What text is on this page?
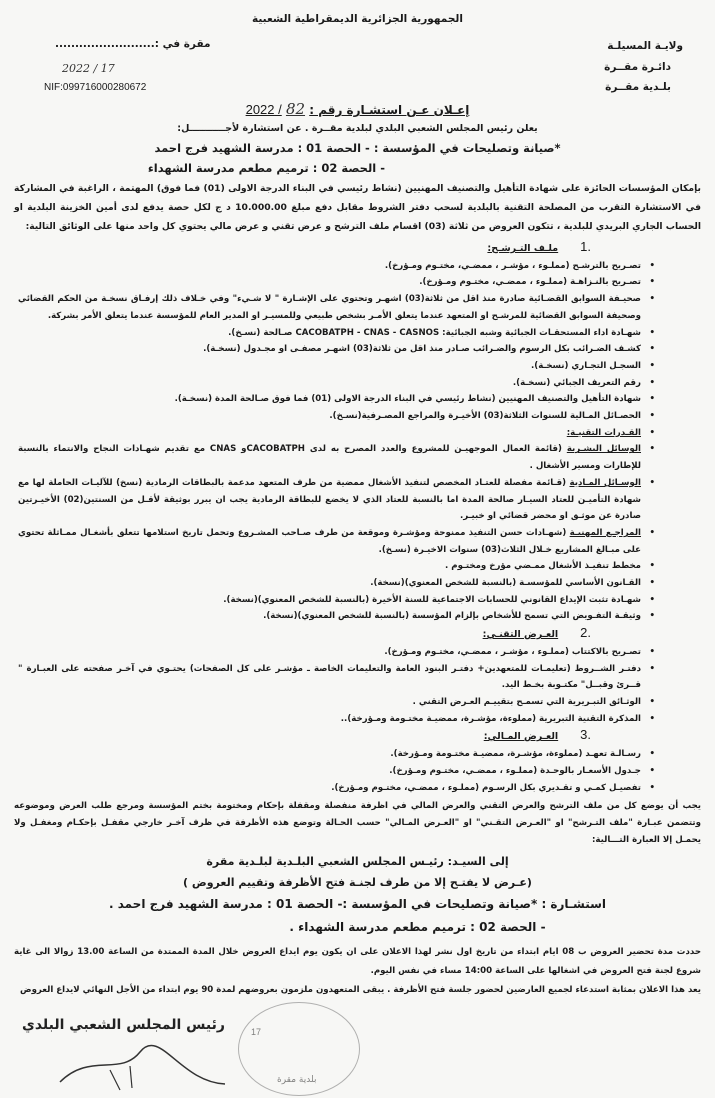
الجمهورية الجزائرية الديمقراطية الشعبية
ولايـة المسيلـة
دائـرة مقــرة
بلـدية مقــرة
مقرة في :.........................
2022 / 17
NIF:099716000280672
إعـلان عـن استشـارة رقم : 82 / 2022
يعلن رئيس المجلس الشعبي البلدي لبلدية مقــرة . عن استشارة لأجـــــــــــل:
*صيانة وتصليحات في المؤسسة : - الحصة 01 : مدرسة الشهيد فرج احمد
- الحصة 02 : ترميم مطعم مدرسة الشهداء
بإمكان المؤسسات الحائزة على شهادة التأهيل والتصنيف المهنيين (نشاط رئيسي في البناء الدرجة الاولى (01) فما فوق) المهتمة ، الراغبة في المشاركة في الاستشارة التقرب من المصلحة التقنية بالبلدية لسحب دفتر الشروط مقابل دفع مبلغ 10.000.00 د ج لكل حصة يدفع لدى أمين الخزينة البلدية او الحساب الجاري البريدي للبلدية ، تتكون العروض من ثلاثة (03) اقسام ملف الترشح و عرض تقني و عرض مالي يحتوي كل واحد منها على الوثائق التالية:
1.ملـف التـرشـح:
• تصـريح بالترشـح (مملـوء ، مؤشـر ، ممضـي، مختـوم ومـؤرخ).
• تصـريح بالنـزاهـة (مملـوء ، ممضـي، مختـوم ومـؤرخ).
• صحيـفة السوابق القضـائية صادرة منذ اقل من ثلاثة(03) اشهـر وتحتوي على الإشـارة " لا شـيء" وفي خـلاف ذلك إرفـاق نسخـة من الحكم القضائي وصحيفة السوابق القضائية للمرشـح او المتعهد عندما يتعلق الأمـر بشخص طبيعي وللمسيـر او المدير العام للمؤسسة عندما يتعلق الأمر بشركة.
• شهـادة اداء المستحقـات الجبائية وشبه الجبائية: CACOBATPH - CNAS - CASNOS صـالحة (نسـخ).
• كشـف الضـرائب بكل الرسوم والضـرائب صـادر منذ اقل من ثلاثة(03) اشهـر مصفـى او مجـدول (نسخـة).
• السجـل التجـاري (نسخـة).
• رقم التعريف الجبائي (نسخـة).
• شهادة التأهيل والتصنيف المهنيين (نشاط رئيسي في البناء الدرجة الاولى (01) فما فوق صـالحة المدة (نسخـة).
• الحصـائل المـالية للسنوات الثلاثة(03) الأخيـرة والمراجع المصـرفية(نسـخ).
• القـدرات التقنيـة:
• الوسائل البشـرية (قائمة العمال الموجهيـن للمشروع والعدد المصرح به لدى CACOBATPHو CNAS مع تقديم شهـادات النجاح والانتماء بالنسبة للإطارات ومسير الأشغال .
• الوسـائل المـادية (قـائمة مفصلة للعتـاد المخصص لتنفيذ الأشغال ممضية من طرف المتعهد مدعمة بالبطاقات الرمادية (نسخ) للآليـات الحاملة لها مع شهادة التأميـن للعتاد السيـار صالحة المدة اما بالنسبة للعتاد الذي لا يخضع للبطاقة الرمادية يجب ان يبرر بوثيقة لأقـل من السنتين(02) الأخيـرتين صادرة عن موثـق او محضر قضائي او خبيـر.
• المراجـع المهنيـة (شهـادات حسن التنفيذ ممنوحة ومؤشـرة وموقعة من طرف صـاحب المشـروع وتحمل تاريخ استلامها تتعلق بأشغـال ممـاثلة تحتوي على مبـالغ المشاريع خـلال الثلاث(03) سنوات الاخيـرة (نسـخ).
• مخطط تنفيـذ الأشغال ممـضي مؤرخ ومختـوم .
• القـانون الأساسي للمؤسسـة (بالنسبة للشخص المعنوي)(نسخة).
• شهـادة تثبت الإيداع القانوني للحسابات الاجتماعية للسنة الأخيرة (بالنسبة للشخص المعنوي)(نسخة).
• وثيقـة التفـويض التي تسمح للأشخاص بإلزام المؤسسة (بالنسبة للشخص المعنوي)(نسخة).
2.العـرض التقنـي:
• تصـريح بالاكتتاب (مملـوء ، مؤشـر ، ممضـي، مختـوم ومـؤرخ).
• دفتـر الشــروط (تعليمـات للمتعهدين+ دفتـر البنود العامة والتعليمات الخاصة ـ مؤشـر على كل الصفحات) يحتـوي في آخـر صفحته على العبـارة " قــرئ وقبــل" مكتـوبة بخـط اليد.
• الوثـائق التبـريرية التي تسمـح بتقييـم العـرض التقني .
• المذكرة التقنية التبريرية (مملوءة، مؤشـرة، ممضيـة مختـومة ومـؤرخة)..
3.العـرض المـالي:
• رسـالـة تعهـد (مملوءة، مؤشـرة، ممضيـة مختـومة ومـؤرخة).
• جـدول الأسعـار بالوحـدة (مملـوء ، ممضـي، مختـوم ومـؤرخ).
• تفصيـل كمـي و تقـديري بكل الرسـوم (مملـوء ، ممضـي، مختـوم ومـؤرخ).
يجب أن يوضع كل من ملف الترشح والعرض التقني والعرض المالي في اظرفة منفصلة ومقفلة بإحكام ومختومة بختم المؤسسة ومرجع طلب العرض وموضوعه وتتضمن عبـارة "ملف التـرشح" او "العـرض التقـني" او "العـرض المـالي" حسب الحـالة وتوضع هذه الأظرفة في ظرف آخـر خارجي مقفـل بإحكـام ومغفـل ولا يحمـل إلا العبارة التـــالية:
إلى السيـد: رئيـس المجلس الشعبي البلـدية لبلـدية مقرة
(عـرض لا يفتـح إلا من طرف لجنـة فتح الأظرفة وتقييم العروض )
استشـارة : *صيانة وتصليحات في المؤسسة :- الحصة 01 : مدرسة الشهيد فرج احمد .
- الحصة 02 : ترميم مطعم مدرسة الشهداء .
حددت مدة تحضير العروض ب 08 ايام ابتداء من تاريخ اول نشر لهذا الاعلان على ان يكون يوم ايداع العروض خلال المدة الممتدة من الساعة 13.00 زوالا الى غاية شروع لجنة فتح العروض في اشغالها على الساعة 14:00 مساء في نفس اليوم.
يعد هذا الاعلان بمثابة استدعاء لجميع العارضين لحضور جلسة فتح الأظرفة . يبقى المتعهدون ملزمون بعروضهم لمدة 90 يوم ابتداء من الأجل النهائي لايداع العروض
17
بلدية مقرة
رئيس المجلس الشعبي البلدي
